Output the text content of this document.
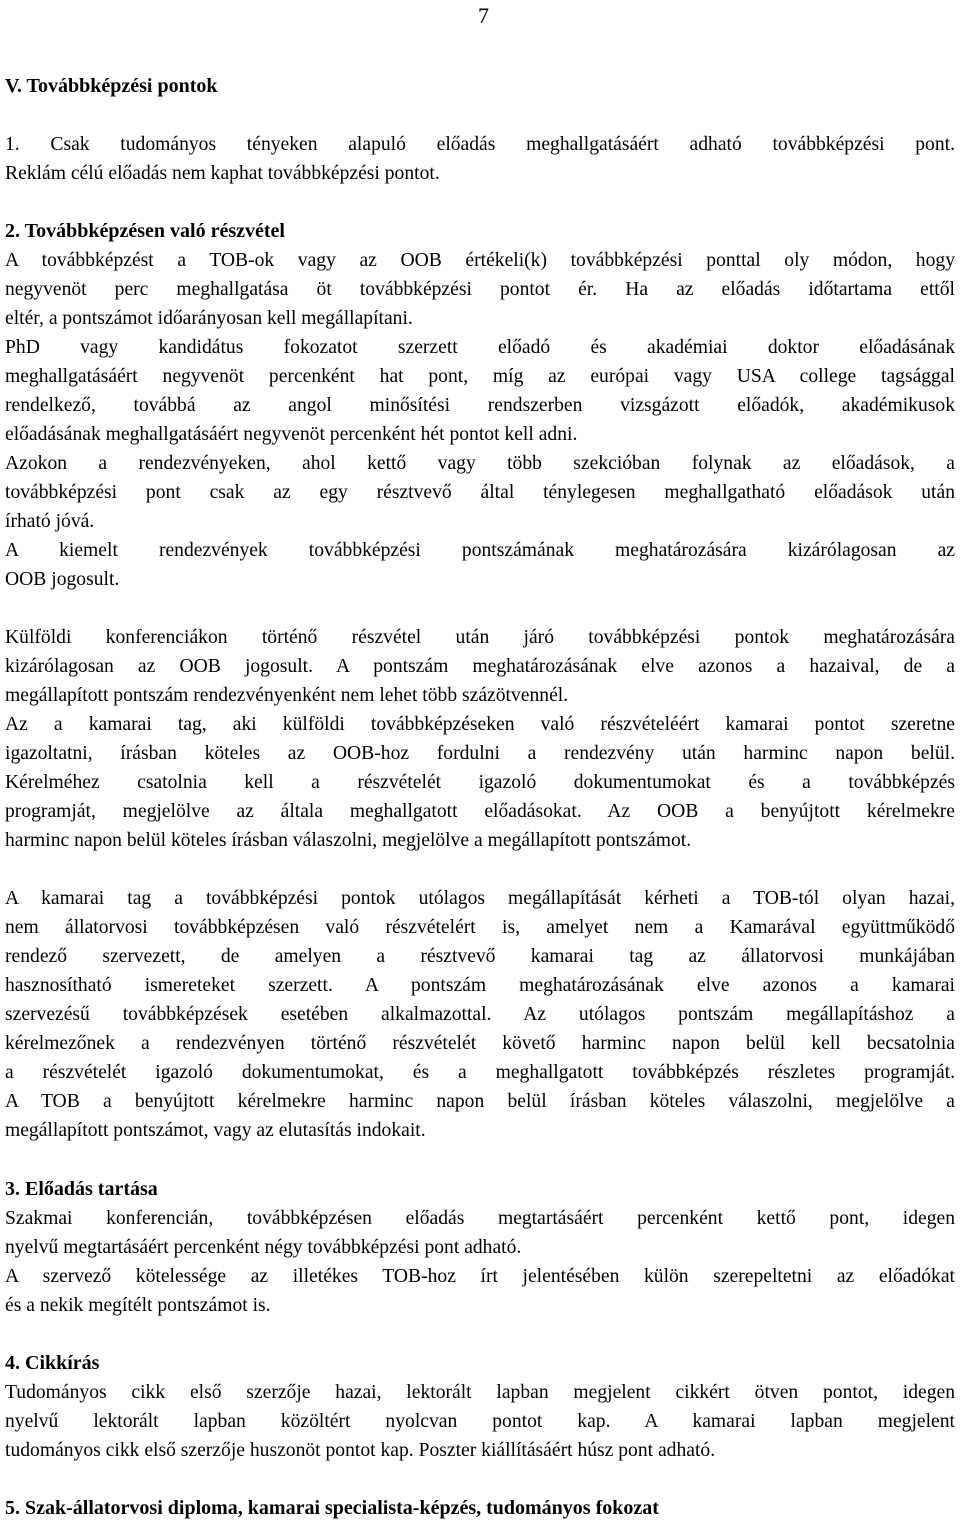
7
V. Továbbképzési pontok
1. Csak tudományos tényeken alapuló előadás meghallgatásáért adható továbbképzési pont.
Reklám célú előadás nem kaphat továbbképzési pontot.
2. Továbbképzésen való részvétel
A továbbképzést a TOB-ok vagy az OOB értékeli(k) továbbképzési ponttal oly módon, hogy
negyvenöt perc meghallgatása öt továbbképzési pontot ér. Ha az előadás időtartama ettől
eltér, a pontszámot időarányosan kell megállapítani.
PhD vagy kandidátus fokozatot szerzett előadó és akadémiai doktor előadásának
meghallgatásáért negyvenöt percenként hat pont, míg az európai vagy USA college tagsággal
rendelkező, továbbá az angol minősítési rendszerben vizsgázott előadók, akadémikusok
előadásának meghallgatásáért negyvenöt percenként hét pontot kell adni.
Azokon a rendezvényeken, ahol kettő vagy több szekcióban folynak az előadások, a
továbbképzési pont csak az egy résztvevő által ténylegesen meghallgatható előadások után
írható jóvá.
A kiemelt rendezvények továbbképzési pontszámának meghatározására kizárólagosan az
OOB jogosult.
Külföldi konferenciákon történő részvétel után járó továbbképzési pontok meghatározására
kizárólagosan az OOB jogosult. A pontszám meghatározásának elve azonos a hazaival, de a
megállapított pontszám rendezvényenként nem lehet több százötvennél.
Az a kamarai tag, aki külföldi továbbképzéseken való részvételéért kamarai pontot szeretne
igazoltatni, írásban köteles az OOB-hoz fordulni a rendezvény után harminc napon belül.
Kérelméhez csatolnia kell a részvételét igazoló dokumentumokat és a továbbképzés
programját, megjelölve az általa meghallgatott előadásokat. Az OOB a benyújtott kérelmekre
harminc napon belül köteles írásban válaszolni, megjelölve a megállapított pontszámot.
A kamarai tag a továbbképzési pontok utólagos megállapítását kérheti a TOB-tól olyan hazai,
nem állatorvosi továbbképzésen való részvételért is, amelyet nem a Kamarával együttműködő
rendező szervezett, de amelyen a résztvevő kamarai tag az állatorvosi munkájában
hasznosítható ismereteket szerzett. A pontszám meghatározásának elve azonos a kamarai
szervezésű továbbképzések esetében alkalmazottal. Az utólagos pontszám megállapításhoz a
kérelmezőnek a rendezvényen történő részvételét követő harminc napon belül kell becsatolnia
a részvételét igazoló dokumentumokat, és a meghallgatott továbbképzés részletes programját.
A TOB a benyújtott kérelmekre harminc napon belül írásban köteles válaszolni, megjelölve a
megállapított pontszámot, vagy az elutasítás indokait.
3. Előadás tartása
Szakmai konferencián, továbbképzésen előadás megtartásáért percenként kettő pont, idegen
nyelvű megtartásáért percenként négy továbbképzési pont adható.
A szervező kötelessége az illetékes TOB-hoz írt jelentésében külön szerepeltetni az előadókat
és a nekik megítélt pontszámot is.
4. Cikkírás
Tudományos cikk első szerzője hazai, lektorált lapban megjelent cikkért ötven pontot, idegen
nyelvű lektorált lapban közöltért nyolcvan pontot kap. A kamarai lapban megjelent
tudományos cikk első szerzője huszonöt pontot kap. Poszter kiállításáért húsz pont adható.
5. Szak-állatorvosi diploma, kamarai specialista-képzés, tudományos fokozat
